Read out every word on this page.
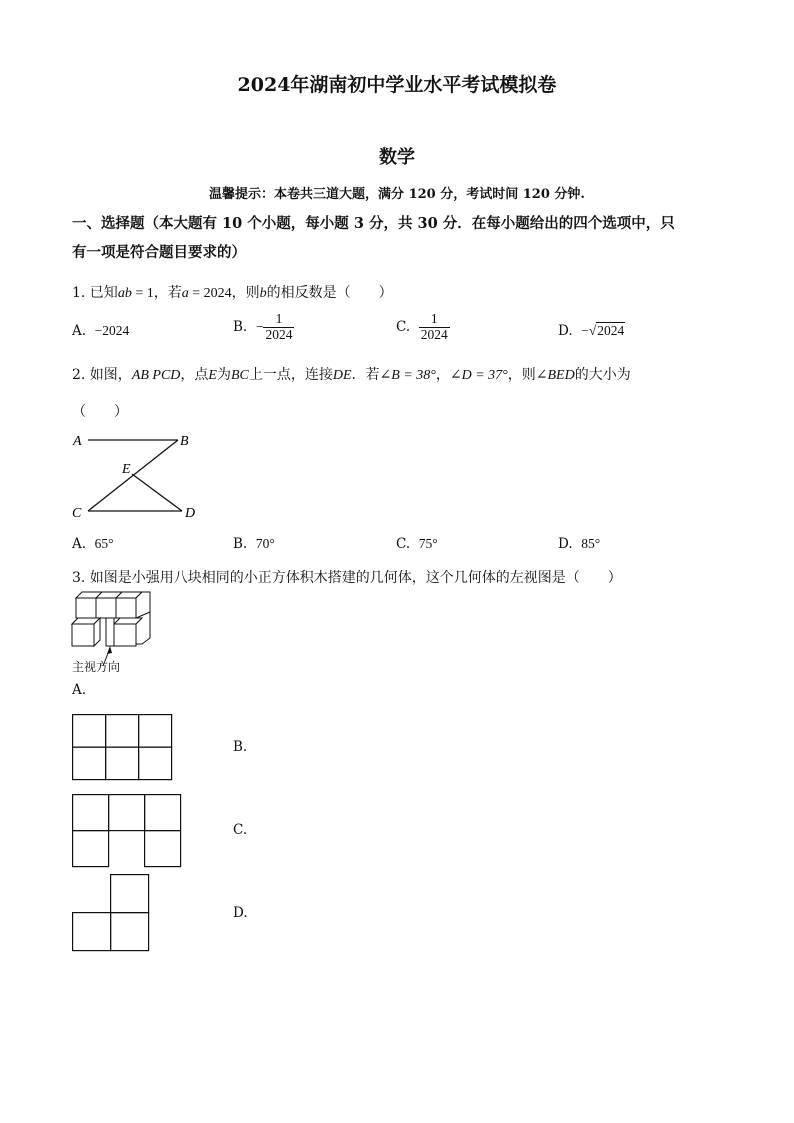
2024年湖南初中学业水平考试模拟卷
数学
温馨提示：本卷共三道大题，满分 120 分，考试时间 120 分钟.
一、选择题（本大题有 10 个小题，每小题 3 分，共 30 分．在每小题给出的四个选项中，只
有一项是符合题目要求的）
1. 已知ab = 1，若a = 2024，则b的相反数是（　　）
A. −2024	B. − $\frac{1}{2024}$	C. $\frac{1}{2024}$	D. −√2024
2. 如图，AB PCD，点E为BC上一点，连接DE．若∠B = 38°，∠D = 37°，则∠BED的大小为
（　　）
A	B
E
C	D
A. 65°	B. 70°	C. 75°	D. 85°
3. 如图是小强用八块相同的小正方体积木搭建的几何体，这个几何体的左视图是（　　）
主视方向
A.
B.
C.
D.
